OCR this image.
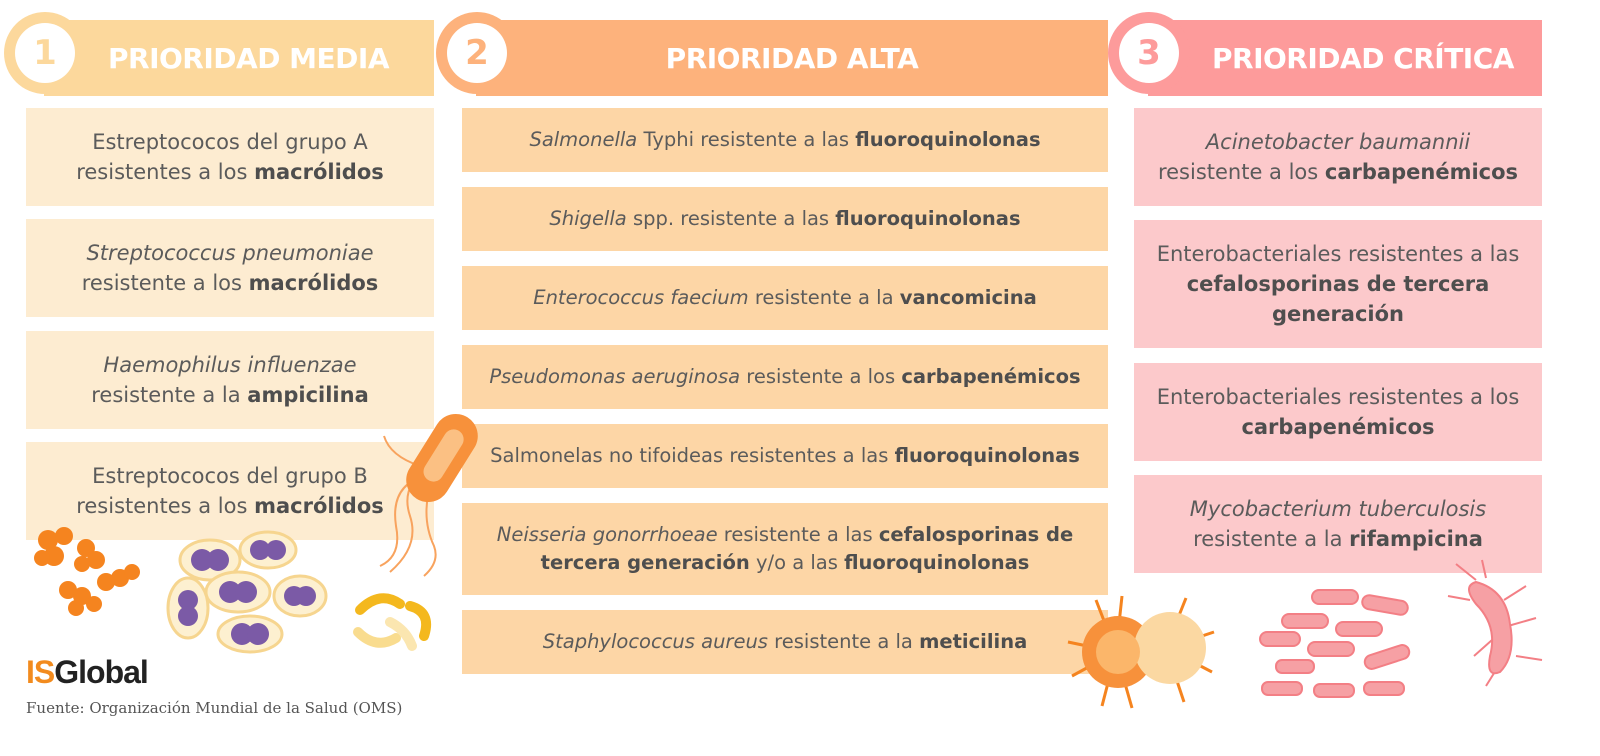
1	PRIORIDAD MEDIA
Estreptococos del grupo A
resistentes a los macrólidos
Streptococcus pneumoniae
resistente a los macrólidos
Haemophilus influenzae
resistente a la ampicilina
Estreptococos del grupo B
resistentes a los macrólidos
2	PRIORIDAD ALTA
Salmonella Typhi resistente a las fluoroquinolonas
Shigella spp. resistente a las fluoroquinolonas
Enterococcus faecium resistente a la vancomicina
Pseudomonas aeruginosa resistente a los carbapenémicos
Salmonelas no tifoideas resistentes a las fluoroquinolonas
Neisseria gonorrhoeae resistente a las cefalosporinas de tercera generación y/o a las fluoroquinolonas
Staphylococcus aureus resistente a la meticilina
3	PRIORIDAD CRÍTICA
Acinetobacter baumannii
resistente a los carbapenémicos
Enterobacteriales resistentes a las
cefalosporinas de tercera generación
Enterobacteriales resistentes a los
carbapenémicos
Mycobacterium tuberculosis
resistente a la rifampicina
ISGlobal
Fuente: Organización Mundial de la Salud (OMS)
